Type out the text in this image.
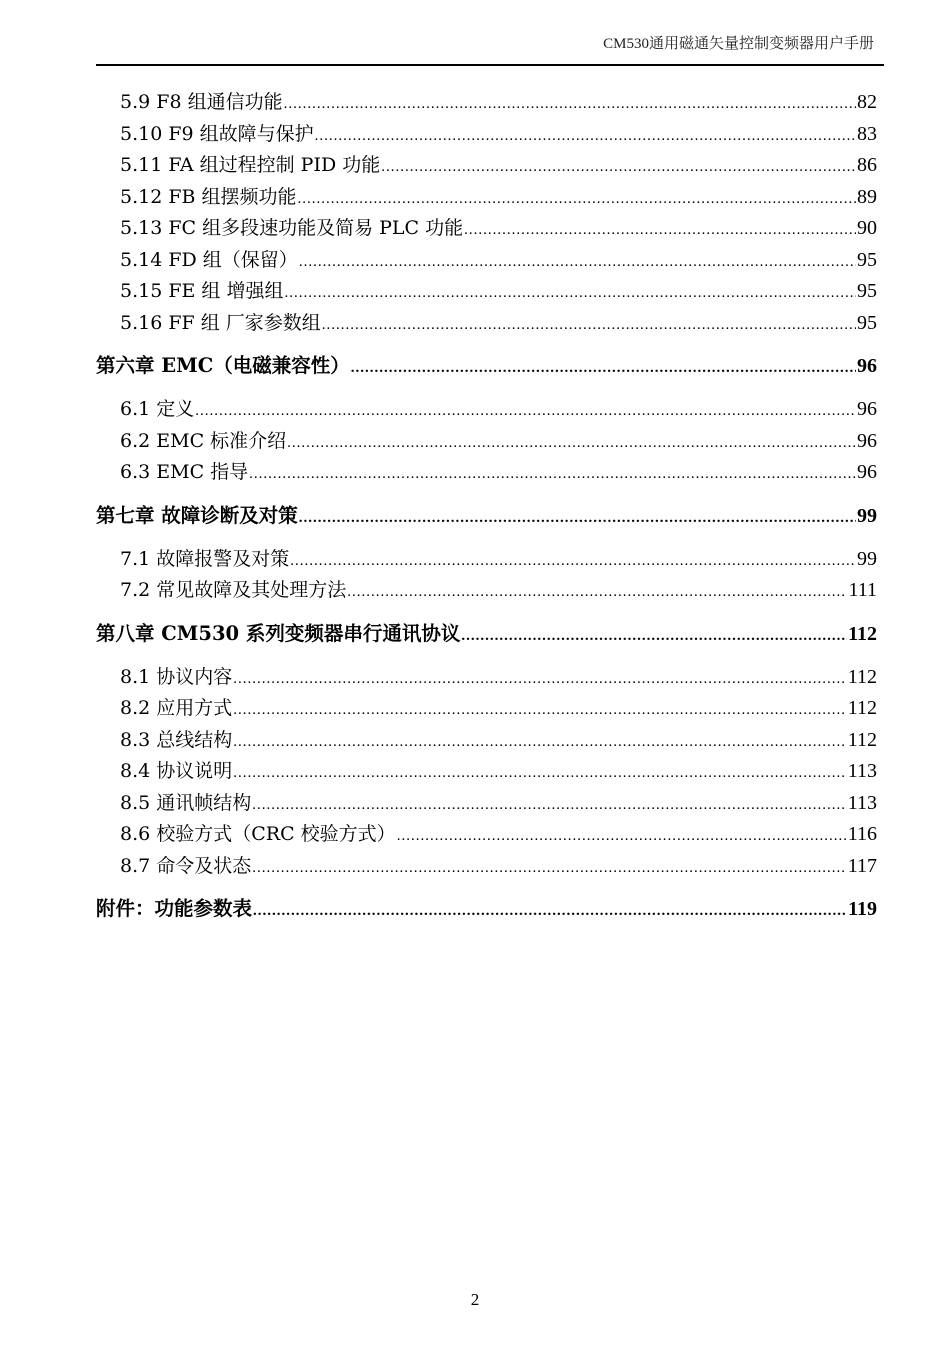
CM530通用磁通矢量控制变频器用户手册
5.9 F8 组通信功能 .....	82
5.10 F9 组故障与保护 .....	83
5.11 FA 组过程控制 PID 功能 .....	86
5.12 FB 组摆频功能 .....	89
5.13 FC 组多段速功能及简易 PLC 功能 .....	90
5.14 FD 组（保留） .....	95
5.15 FE 组 增强组 .....	95
5.16 FF 组 厂家参数组 .....	95
第六章 EMC（电磁兼容性） .....	96
6.1 定义 .....	96
6.2 EMC 标准介绍 .....	96
6.3 EMC 指导 .....	96
第七章 故障诊断及对策 .....	99
7.1 故障报警及对策 .....	99
7.2 常见故障及其处理方法 .....	111
第八章 CM530 系列变频器串行通讯协议 .....	112
8.1 协议内容 .....	112
8.2 应用方式 .....	112
8.3 总线结构 .....	112
8.4 协议说明 .....	113
8.5 通讯帧结构 .....	113
8.6 校验方式（CRC 校验方式） .....	116
8.7 命令及状态 .....	117
附件：功能参数表 .....	119
2
